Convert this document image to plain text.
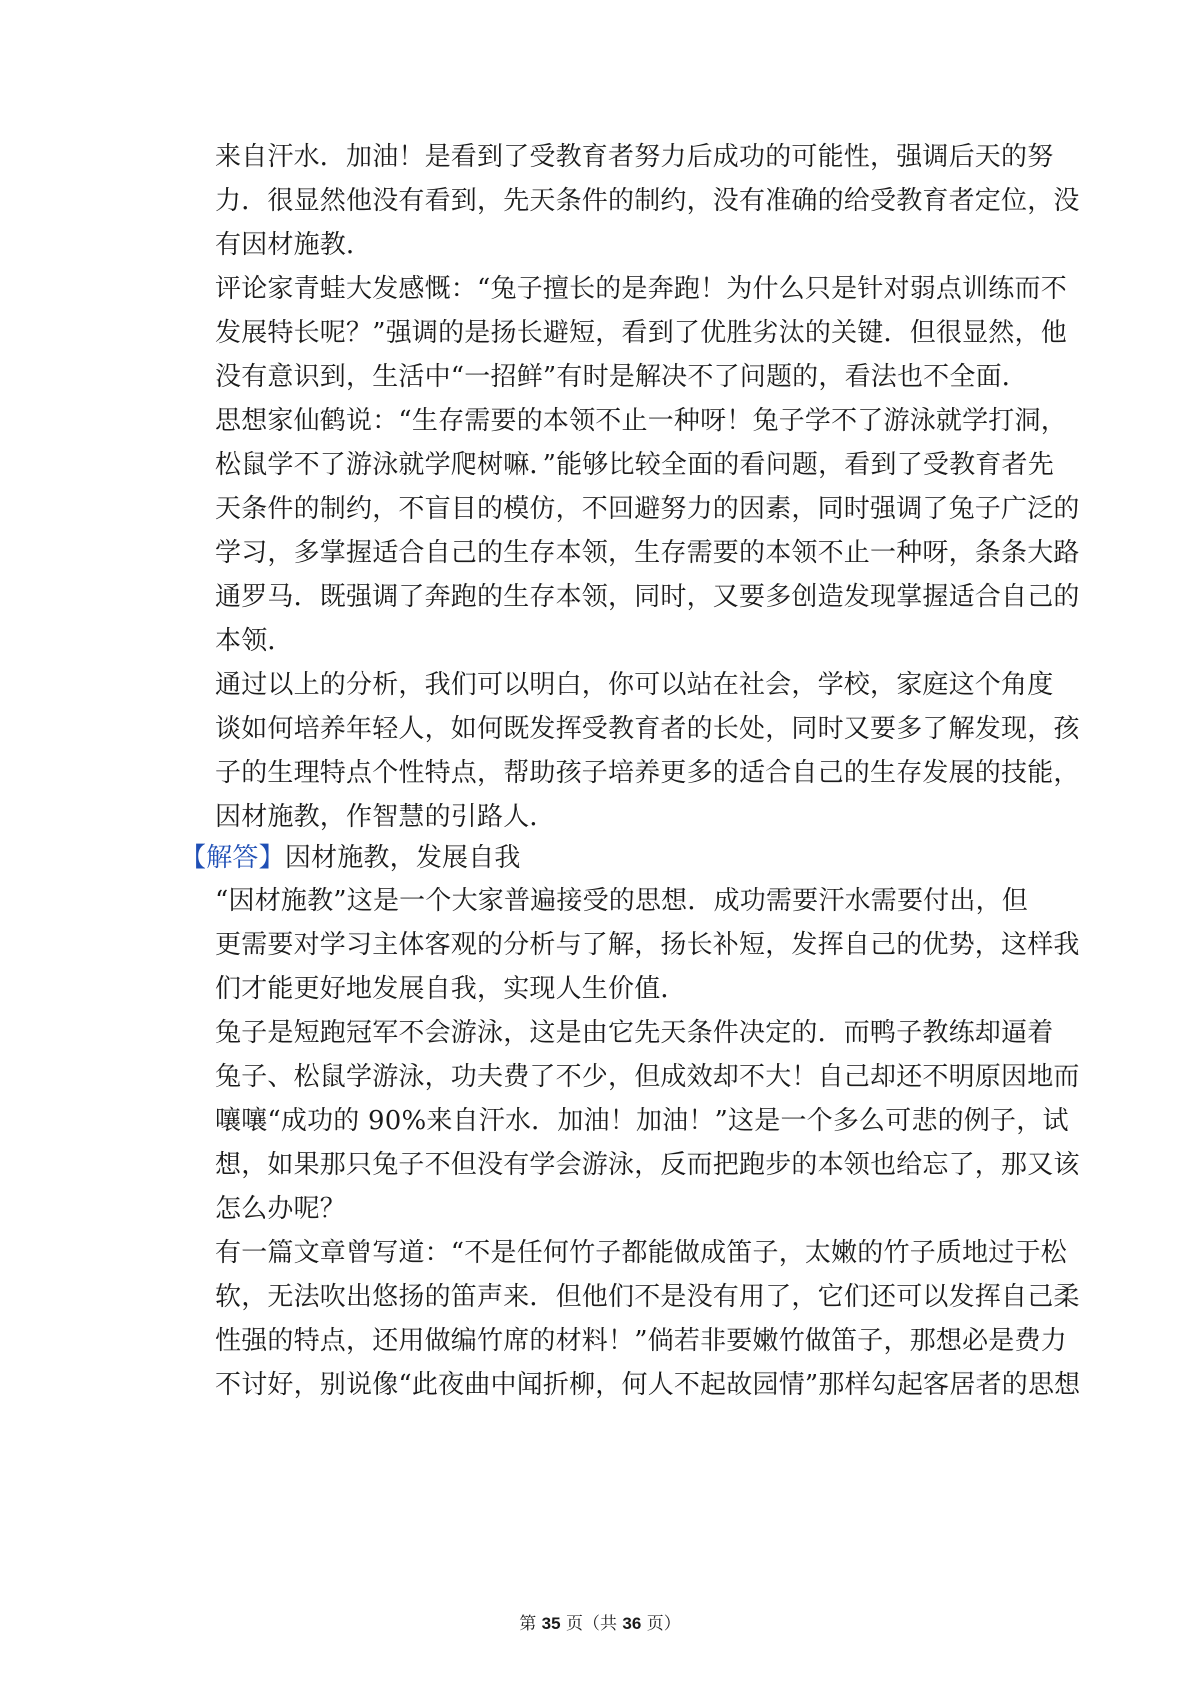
来自汗水．加油！是看到了受教育者努力后成功的可能性，强调后天的努
力．很显然他没有看到，先天条件的制约，没有准确的给受教育者定位，没
有因材施教．
评论家青蛙大发感慨：“兔子擅长的是奔跑！为什么只是针对弱点训练而不
发展特长呢？”强调的是扬长避短，看到了优胜劣汰的关键．但很显然，他
没有意识到，生活中“一招鲜”有时是解决不了问题的，看法也不全面．
思想家仙鹤说：“生存需要的本领不止一种呀！兔子学不了游泳就学打洞，
松鼠学不了游泳就学爬树嘛．”能够比较全面的看问题，看到了受教育者先
天条件的制约，不盲目的模仿，不回避努力的因素，同时强调了兔子广泛的
学习，多掌握适合自己的生存本领，生存需要的本领不止一种呀，条条大路
通罗马．既强调了奔跑的生存本领，同时，又要多创造发现掌握适合自己的
本领．
通过以上的分析，我们可以明白，你可以站在社会，学校，家庭这个角度
谈如何培养年轻人，如何既发挥受教育者的长处，同时又要多了解发现，孩
子的生理特点个性特点，帮助孩子培养更多的适合自己的生存发展的技能，
因材施教，作智慧的引路人．
【解答】因材施教，发展自我
“因材施教”这是一个大家普遍接受的思想．成功需要汗水需要付出，但
更需要对学习主体客观的分析与了解，扬长补短，发挥自己的优势，这样我
们才能更好地发展自我，实现人生价值．
兔子是短跑冠军不会游泳，这是由它先天条件决定的．而鸭子教练却逼着
兔子、松鼠学游泳，功夫费了不少，但成效却不大！自己却还不明原因地而
嚷嚷“成功的 90%来自汗水．加油！加油！”这是一个多么可悲的例子，试
想，如果那只兔子不但没有学会游泳，反而把跑步的本领也给忘了，那又该
怎么办呢？
有一篇文章曾写道：“不是任何竹子都能做成笛子，太嫩的竹子质地过于松
软，无法吹出悠扬的笛声来．但他们不是没有用了，它们还可以发挥自己柔
性强的特点，还用做编竹席的材料！”倘若非要嫩竹做笛子，那想必是费力
不讨好，别说像“此夜曲中闻折柳，何人不起故园情”那样勾起客居者的思想
第 35 页（共 36 页）
